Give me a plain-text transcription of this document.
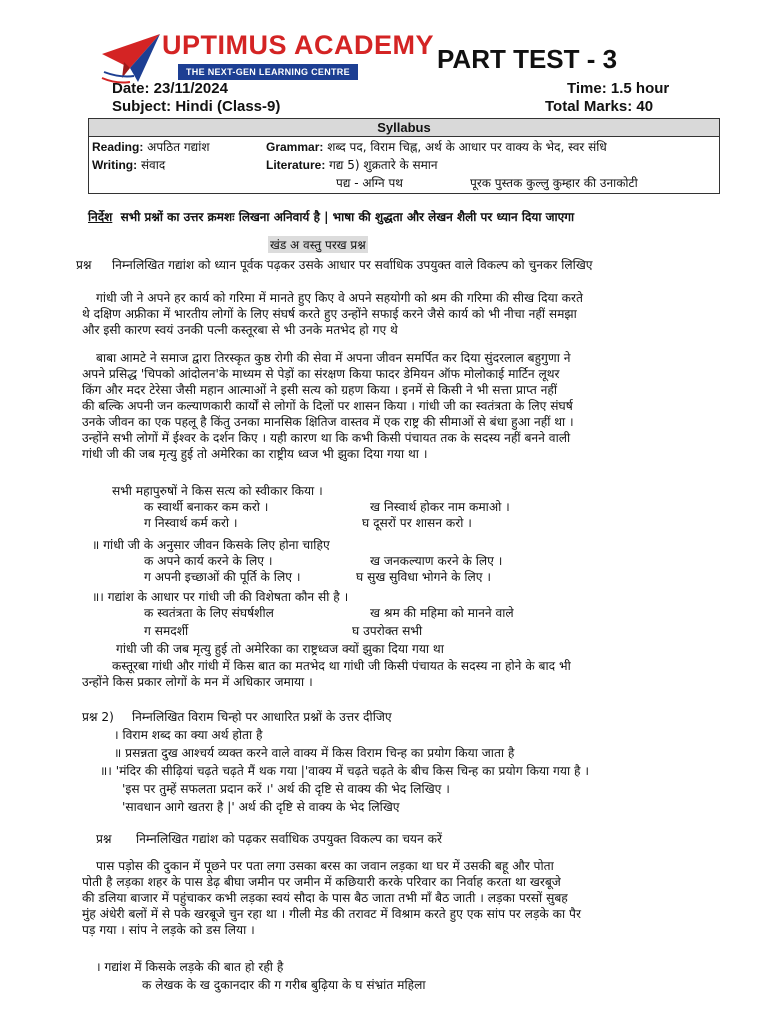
UPTIMUS ACADEMY
THE NEXT-GEN LEARNING CENTRE	PART TEST - 3
Date: 23/11/2024	Time: 1.5 hour
Subject: Hindi (Class-9)	Total Marks: 40
Syllabus
Reading: अपठित गद्यांश	Grammar: शब्द पद, विराम चिह्न, अर्थ के आधार पर वाक्य के भेद, स्वर संधि
Writing: संवाद	Literature: गद्य 5) शुक्रतारे के समान
पद्य - अग्नि पथ	पूरक पुस्तक कुल्लु कुम्हार की उनाकोटी
निर्देश सभी प्रश्नों का उत्तर क्रमशः लिखना अनिवार्य है | भाषा की शुद्धता और लेखन शैली पर ध्यान दिया जाएगा
खंड अ वस्तु परख प्रश्न
प्रश्न निम्नलिखित गद्यांश को ध्यान पूर्वक पढ़कर उसके आधार पर सर्वाधिक उपयुक्त वाले विकल्प को चुनकर लिखिए
गांधी जी ने अपने हर कार्य को गरिमा में मानते हुए किए वे अपने सहयोगी को श्रम की गरिमा की सीख दिया करते
थे दक्षिण अफ्रीका में भारतीय लोगों के लिए संघर्ष करते हुए उन्होंने सफाई करने जैसे कार्य को भी नीचा नहीं समझा
और इसी कारण स्वयं उनकी पत्नी कस्तूरबा से भी उनके मतभेद हो गए थे
बाबा आमटे ने समाज द्वारा तिरस्कृत कुष्ठ रोगी की सेवा में अपना जीवन समर्पित कर दिया सुंदरलाल बहुगुणा ने
अपने प्रसिद्ध 'चिपको आंदोलन'के माध्यम से पेड़ों का संरक्षण किया फादर डेमियन ऑफ मोलोकाई मार्टिन लूथर
किंग और मदर टेरेसा जैसी महान आत्माओं ने इसी सत्य को ग्रहण किया । इनमें से किसी ने भी सत्ता प्राप्त नहीं
की बल्कि अपनी जन कल्याणकारी कार्यों से लोगों के दिलों पर शासन किया । गांधी जी का स्वतंत्रता के लिए संघर्ष
उनके जीवन का एक पहलू है किंतु उनका मानसिक क्षितिज वास्तव में एक राष्ट्र की सीमाओं से बंधा हुआ नहीं था ।
उन्होंने सभी लोगों में ईश्वर के दर्शन किए । यही कारण था कि कभी किसी पंचायत तक के सदस्य नहीं बनने वाली
गांधी जी की जब मृत्यु हुई तो अमेरिका का राष्ट्रीय ध्वज भी झुका दिया गया था ।
सभी महापुरुषों ने किस सत्य को स्वीकार किया ।
क स्वार्थी बनाकर कम करो ।	ख निस्वार्थ होकर नाम कमाओ ।
ग निस्वार्थ कर्म करो ।	घ दूसरों पर शासन करो ।
॥ गांधी जी के अनुसार जीवन किसके लिए होना चाहिए
क अपने कार्य करने के लिए ।	ख जनकल्याण करने के लिए ।
ग अपनी इच्छाओं की पूर्ति के लिए ।	घ सुख सुविधा भोगने के लिए ।
॥। गद्यांश के आधार पर गांधी जी की विशेषता कौन सी है ।
क स्वतंत्रता के लिए संघर्षशील	ख श्रम की महिमा को मानने वाले
ग समदर्शी	घ उपरोक्त सभी
गांधी जी की जब मृत्यु हुई तो अमेरिका का राष्ट्रध्वज क्यों झुका दिया गया था
कस्तूरबा गांधी और गांधी में किस बात का मतभेद था गांधी जी किसी पंचायत के सदस्य ना होने के बाद भी
उन्होंने किस प्रकार लोगों के मन में अधिकार जमाया ।
प्रश्न 2) निम्नलिखित विराम चिन्हो पर आधारित प्रश्नों के उत्तर दीजिए
। विराम शब्द का क्या अर्थ होता है
॥ प्रसन्नता दुख आश्चर्य व्यक्त करने वाले वाक्य में किस विराम चिन्ह का प्रयोग किया जाता है
॥। 'मंदिर की सीढ़ियां चढ़ते चढ़ते मैं थक गया |'वाक्य में चढ़ते चढ़ते के बीच किस चिन्ह का प्रयोग किया गया है ।
'इस पर तुम्हें सफलता प्रदान करें ।' अर्थ की दृष्टि से वाक्य की भेद लिखिए ।
'सावधान आगे खतरा है |' अर्थ की दृष्टि से वाक्य के भेद लिखिए
प्रश्न निम्नलिखित गद्यांश को पढ़कर सर्वाधिक उपयुक्त विकल्प का चयन करें
पास पड़ोस की दुकान में पूछने पर पता लगा उसका बरस का जवान लड़का था घर में उसकी बहू और पोता
पोती है लड़का शहर के पास डेढ़ बीघा जमीन पर जमीन में कछियारी करके परिवार का निर्वाह करता था खरबूजे
की डलिया बाजार में पहुंचाकर कभी लड़का स्वयं सौदा के पास बैठ जाता तभी माँ बैठ जाती । लड़का परसों सुबह
मुंह अंधेरी बलों में से पके खरबूजे चुन रहा था । गीली मेड की तरावट में विश्राम करते हुए एक सांप पर लड़के का पैर
पड़ गया । सांप ने लड़के को डस लिया ।
। गद्यांश में किसके लड़के की बात हो रही है
क लेखक के ख दुकानदार की ग गरीब बुढ़िया के घ संभ्रांत महिला
